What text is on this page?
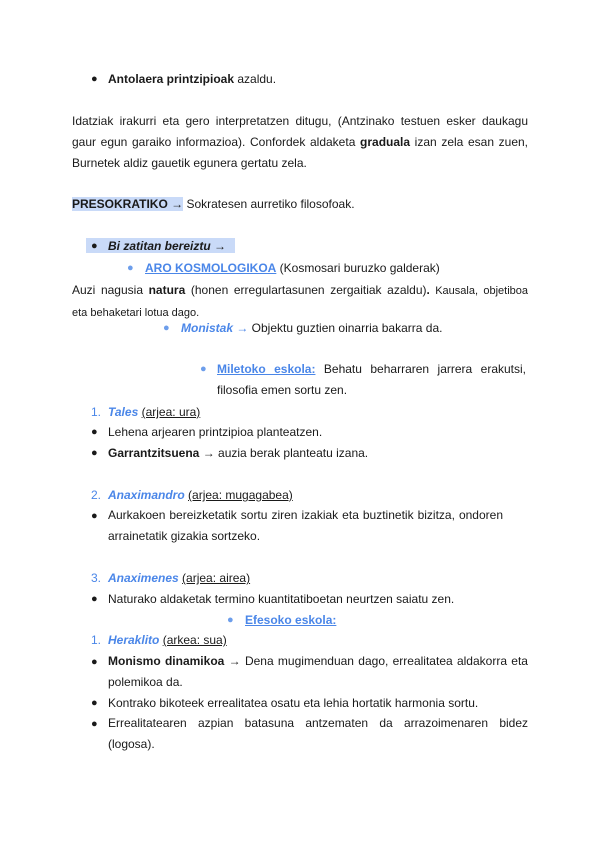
● Antolaera printzipioak azaldu.
Idatziak irakurri eta gero interpretatzen ditugu, (Antzinako testuen esker daukagu gaur egun garaiko informazioa). Confordek aldaketa graduala izan zela esan zuen, Burnetek aldiz gauetik egunera gertatu zela.
PRESOKRATIKO → Sokratesen aurretiko filosofoak.
● Bi zatitan bereiztu →
● ARO KOSMOLOGIKOA (Kosmosari buruzko galderak)
Auzi nagusia natura (honen erregulartasunen zergaitiak azaldu). Kausala, objetiboa eta behaketari lotua dago.
● Monistak → Objektu guztien oinarria bakarra da.
● Miletoko eskola: Behatu beharraren jarrera erakutsi, filosofia emen sortu zen.
1. Tales (arjea: ura)
● Lehena arjearen printzipioa planteatzen.
● Garrantzitsuena → auzia berak planteatu izana.
2. Anaximandro (arjea: mugagabea)
● Aurkakoen bereizketatik sortu ziren izakiak eta buztinetik bizitza, ondoren arrainetatik gizakia sortzeko.
3. Anaximenes (arjea: airea)
● Naturako aldaketak termino kuantitatiboetan neurtzen saiatu zen.
● Efesoko eskola:
1. Heraklito (arkea: sua)
● Monismo dinamikoa → Dena mugimenduan dago, errealitatea aldakorra eta polemikoa da.
● Kontrako bikoteek errealitatea osatu eta lehia hortatik harmonia sortu.
● Errealitatearen azpian batasuna antzematen da arrazoimenaren bidez (logosa).
